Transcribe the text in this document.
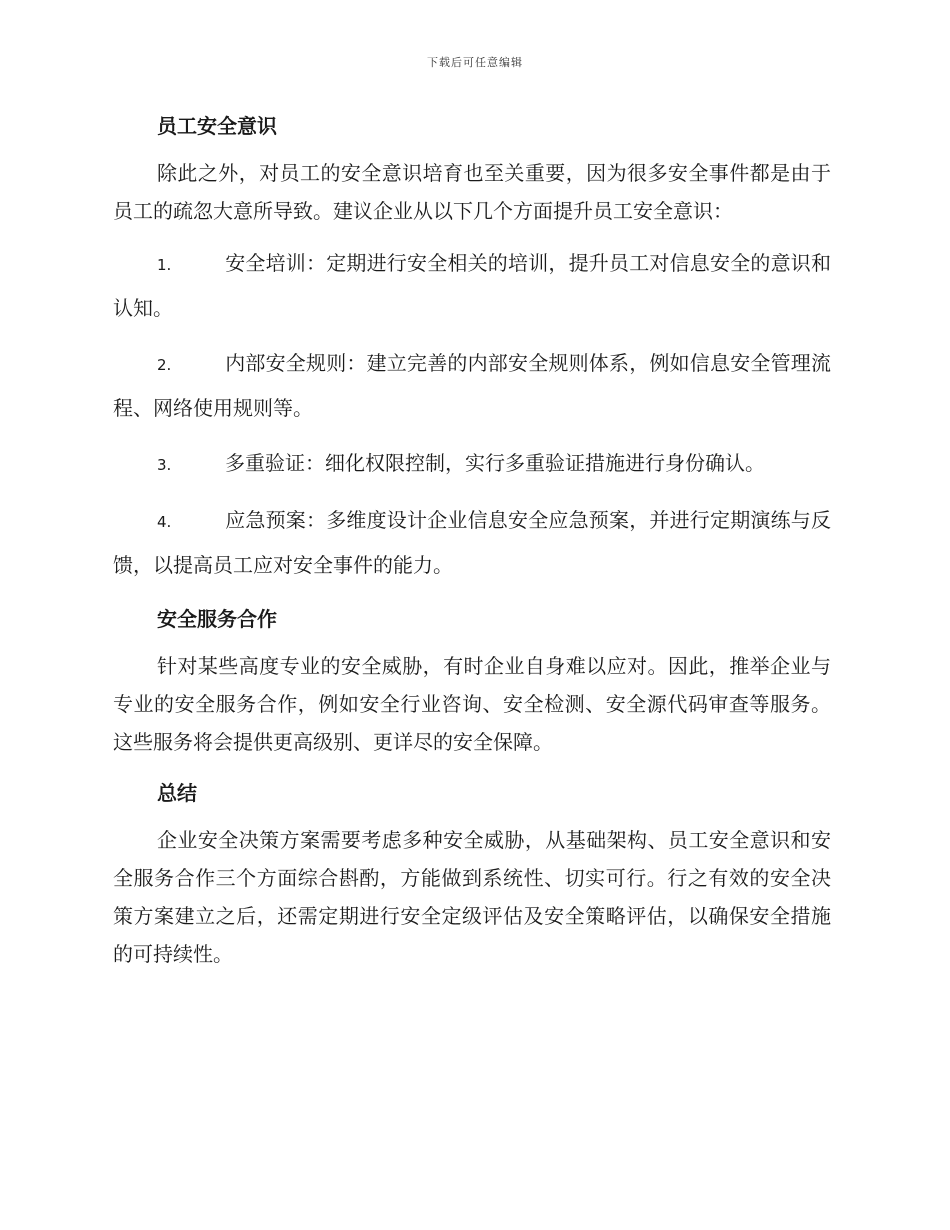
下载后可任意编辑
员工安全意识

除此之外，对员工的安全意识培育也至关重要，因为很多安全事件都是由于员工的疏忽大意所导致。建议企业从以下几个方面提升员工安全意识：

1.	安全培训：定期进行安全相关的培训，提升员工对信息安全的意识和认知。
2.	内部安全规则：建立完善的内部安全规则体系，例如信息安全管理流程、网络使用规则等。
3.	多重验证：细化权限控制，实行多重验证措施进行身份确认。
4.	应急预案：多维度设计企业信息安全应急预案，并进行定期演练与反馈，以提高员工应对安全事件的能力。
安全服务合作

针对某些高度专业的安全威胁，有时企业自身难以应对。因此，推举企业与专业的安全服务合作，例如安全行业咨询、安全检测、安全源代码审查等服务。这些服务将会提供更高级别、更详尽的安全保障。

总结

企业安全决策方案需要考虑多种安全威胁，从基础架构、员工安全意识和安全服务合作三个方面综合斟酌，方能做到系统性、切实可行。行之有效的安全决策方案建立之后，还需定期进行安全定级评估及安全策略评估，以确保安全措施的可持续性。
